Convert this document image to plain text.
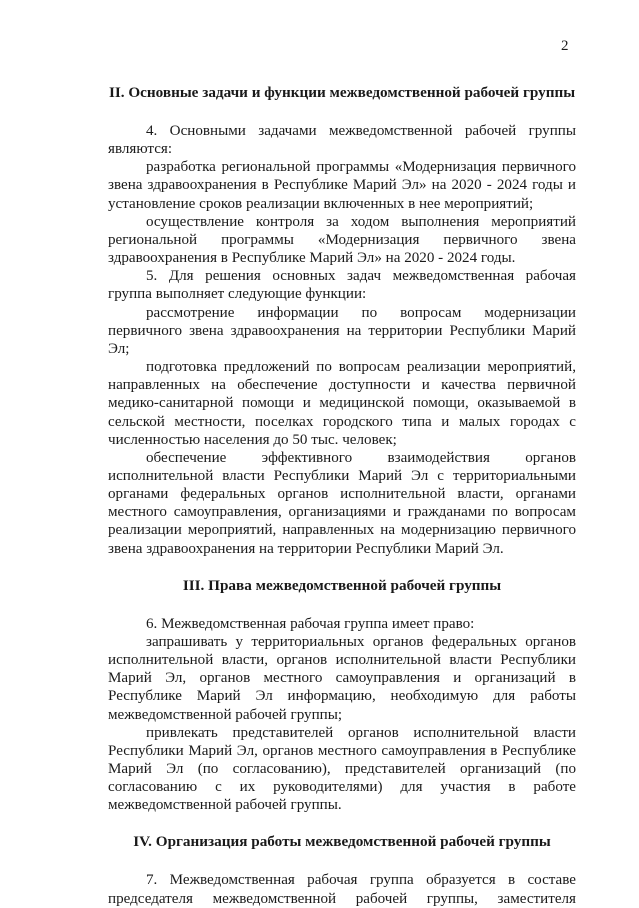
2
II. Основные задачи и функции межведомственной рабочей группы

4. Основными задачами межведомственной рабочей группы являются:

разработка региональной программы «Модернизация первичного звена здравоохранения в Республике Марий Эл» на 2020 - 2024 годы и установление сроков реализации включенных в нее мероприятий;

осуществление контроля за ходом выполнения мероприятий региональной программы «Модернизация первичного звена здравоохранения в Республике Марий Эл» на 2020 - 2024 годы.

5. Для решения основных задач межведомственная рабочая группа выполняет следующие функции:

рассмотрение информации по вопросам модернизации первичного звена здравоохранения на территории Республики Марий Эл;

подготовка предложений по вопросам реализации мероприятий, направленных на обеспечение доступности и качества первичной медико-санитарной помощи и медицинской помощи, оказываемой в сельской местности, поселках городского типа и малых городах с численностью населения до 50 тыс. человек;

обеспечение эффективного взаимодействия органов исполнительной власти Республики Марий Эл с территориальными органами федеральных органов исполнительной власти, органами местного самоуправления, организациями и гражданами по вопросам реализации мероприятий, направленных на модернизацию первичного звена здравоохранения на территории Республики Марий Эл.

III. Права межведомственной рабочей группы

6. Межведомственная рабочая группа имеет право:

запрашивать у территориальных органов федеральных органов исполнительной власти, органов исполнительной власти Республики Марий Эл, органов местного самоуправления и организаций в Республике Марий Эл информацию, необходимую для работы межведомственной рабочей группы;

привлекать представителей органов исполнительной власти Республики Марий Эл, органов местного самоуправления в Республике Марий Эл (по согласованию), представителей организаций (по согласованию с их руководителями) для участия в работе межведомственной рабочей группы.

IV. Организация работы межведомственной рабочей группы

7. Межведомственная рабочая группа образуется в составе председателя межведомственной рабочей группы, заместителя
